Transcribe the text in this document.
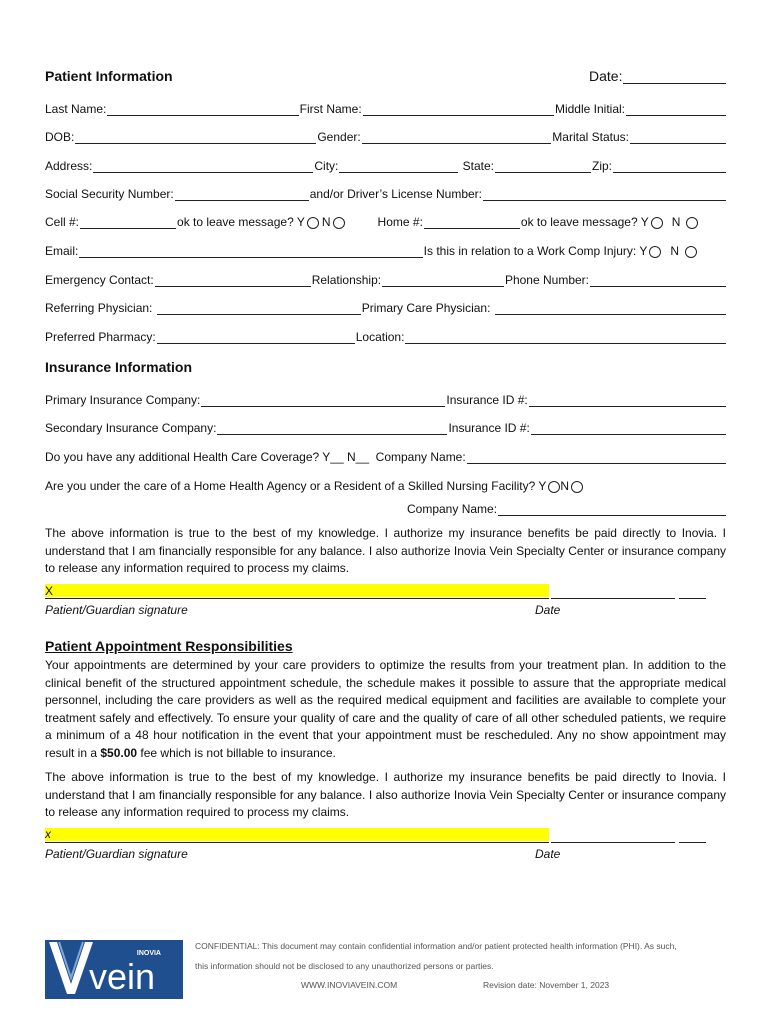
Patient Information	Date:
Last Name:	First Name:	Middle Initial:
DOB:	Gender:	Marital Status:
Address:	City:	State:	Zip:
Social Security Number:	and/or Driver’s License Number:
Cell #:	ok to leave message? Y N	Home #:	ok to leave message? Y N
Email:	Is this in relation to a Work Comp Injury: Y N
Emergency Contact:	Relationship:	Phone Number:
Referring Physician:	Primary Care Physician:
Preferred Pharmacy:	Location:
Insurance Information
Primary Insurance Company:	Insurance ID #:
Secondary Insurance Company:	Insurance ID #:
Do you have any additional Health Care Coverage? Y__ N__  Company Name:
Are you under the care of a Home Health Agency or a Resident of a Skilled Nursing Facility? Y N
Company Name:
The above information is true to the best of my knowledge. I authorize my insurance benefits be paid directly to Inovia. I understand that I am financially responsible for any balance. I also authorize Inovia Vein Specialty Center or insurance company to release any information required to process my claims.
X
Patient/Guardian signature	Date
Patient Appointment Responsibilities
Your appointments are determined by your care providers to optimize the results from your treatment plan. In addition to the clinical benefit of the structured appointment schedule, the schedule makes it possible to assure that the appropriate medical personnel, including the care providers as well as the required medical equipment and facilities are available to complete your treatment safely and effectively. To ensure your quality of care and the quality of care of all other scheduled patients, we require a minimum of a 48 hour notification in the event that your appointment must be rescheduled. Any no show appointment may result in a $50.00 fee which is not billable to insurance.
The above information is true to the best of my knowledge. I authorize my insurance benefits be paid directly to Inovia. I understand that I am financially responsible for any balance. I also authorize Inovia Vein Specialty Center or insurance company to release any information required to process my claims.
x
Patient/Guardian signature	Date
INOVIA
vein
CONFIDENTIAL: This document may contain confidential information and/or patient protected health information (PHI). As such,
this information should not be disclosed to any unauthorized persons or parties.
WWW.INOVIAVEIN.COM	Revision date: November 1, 2023
